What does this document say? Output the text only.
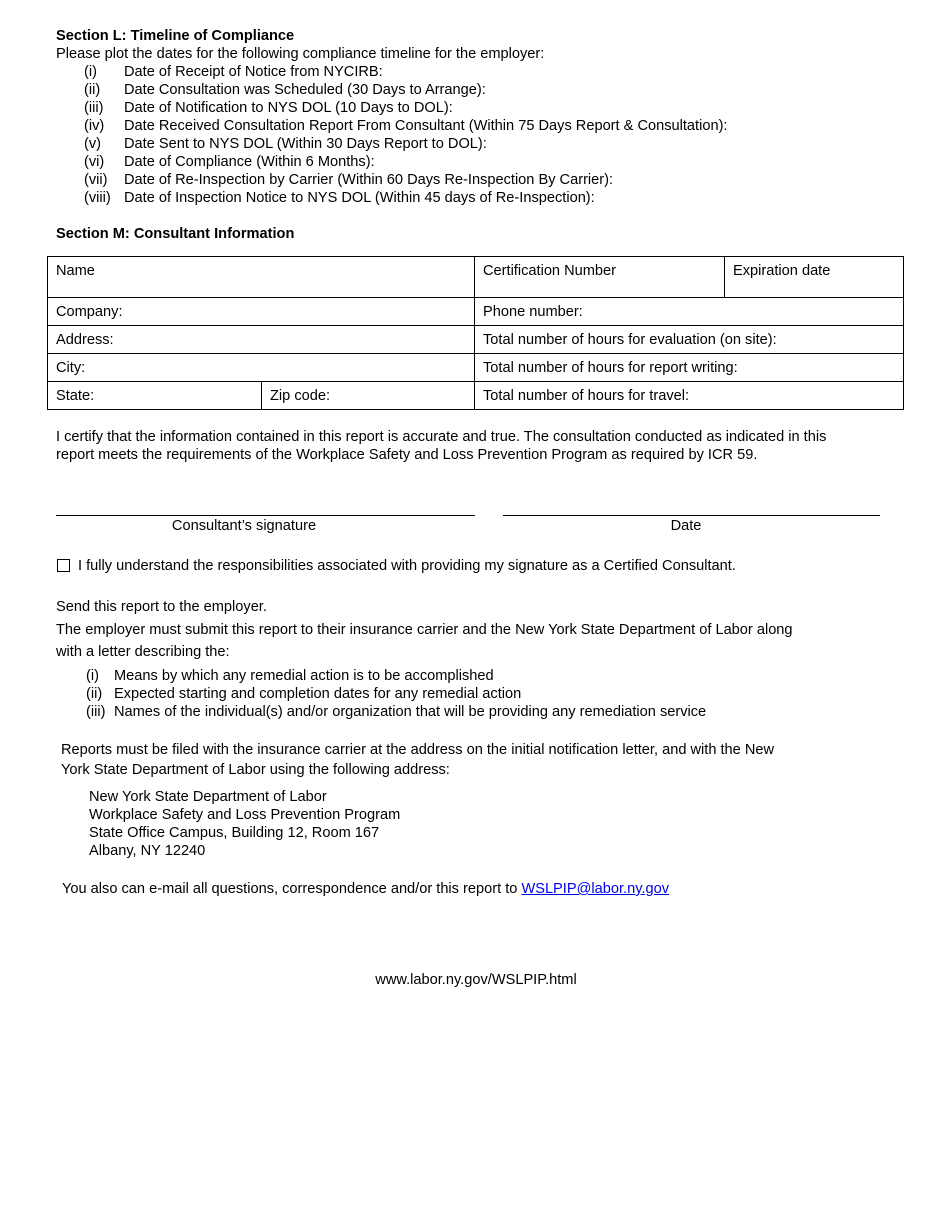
Section L: Timeline of Compliance
Please plot the dates for the following compliance timeline for the employer:
(i) Date of Receipt of Notice from NYCIRB:
(ii) Date Consultation was Scheduled (30 Days to Arrange):
(iii) Date of Notification to NYS DOL (10 Days to DOL):
(iv) Date Received Consultation Report From Consultant (Within 75 Days Report & Consultation):
(v) Date Sent to NYS DOL (Within 30 Days Report to DOL):
(vi) Date of Compliance (Within 6 Months):
(vii) Date of Re-Inspection by Carrier (Within 60 Days Re-Inspection By Carrier):
(viii) Date of Inspection Notice to NYS DOL (Within 45 days of Re-Inspection):
Section M: Consultant Information
Name		Certification Number	Expiration date
Company:		Phone number:	
Address:		Total number of hours for evaluation (on site):	
City:		Total number of hours for report writing:	
State:	Zip code:	Total number of hours for travel:	
I certify that the information contained in this report is accurate and true. The consultation conducted as indicated in this
report meets the requirements of the Workplace Safety and Loss Prevention Program as required by ICR 59.
Consultant’s signature	Date
I fully understand the responsibilities associated with providing my signature as a Certified Consultant.
Send this report to the employer.
The employer must submit this report to their insurance carrier and the New York State Department of Labor along
with a letter describing the:
(i) Means by which any remedial action is to be accomplished
(ii) Expected starting and completion dates for any remedial action
(iii) Names of the individual(s) and/or organization that will be providing any remediation service
Reports must be filed with the insurance carrier at the address on the initial notification letter, and with the New
York State Department of Labor using the following address:
New York State Department of Labor
Workplace Safety and Loss Prevention Program
State Office Campus, Building 12, Room 167
Albany, NY 12240
You also can e-mail all questions, correspondence and/or this report to WSLPIP@labor.ny.gov
www.labor.ny.gov/WSLPIP.html
